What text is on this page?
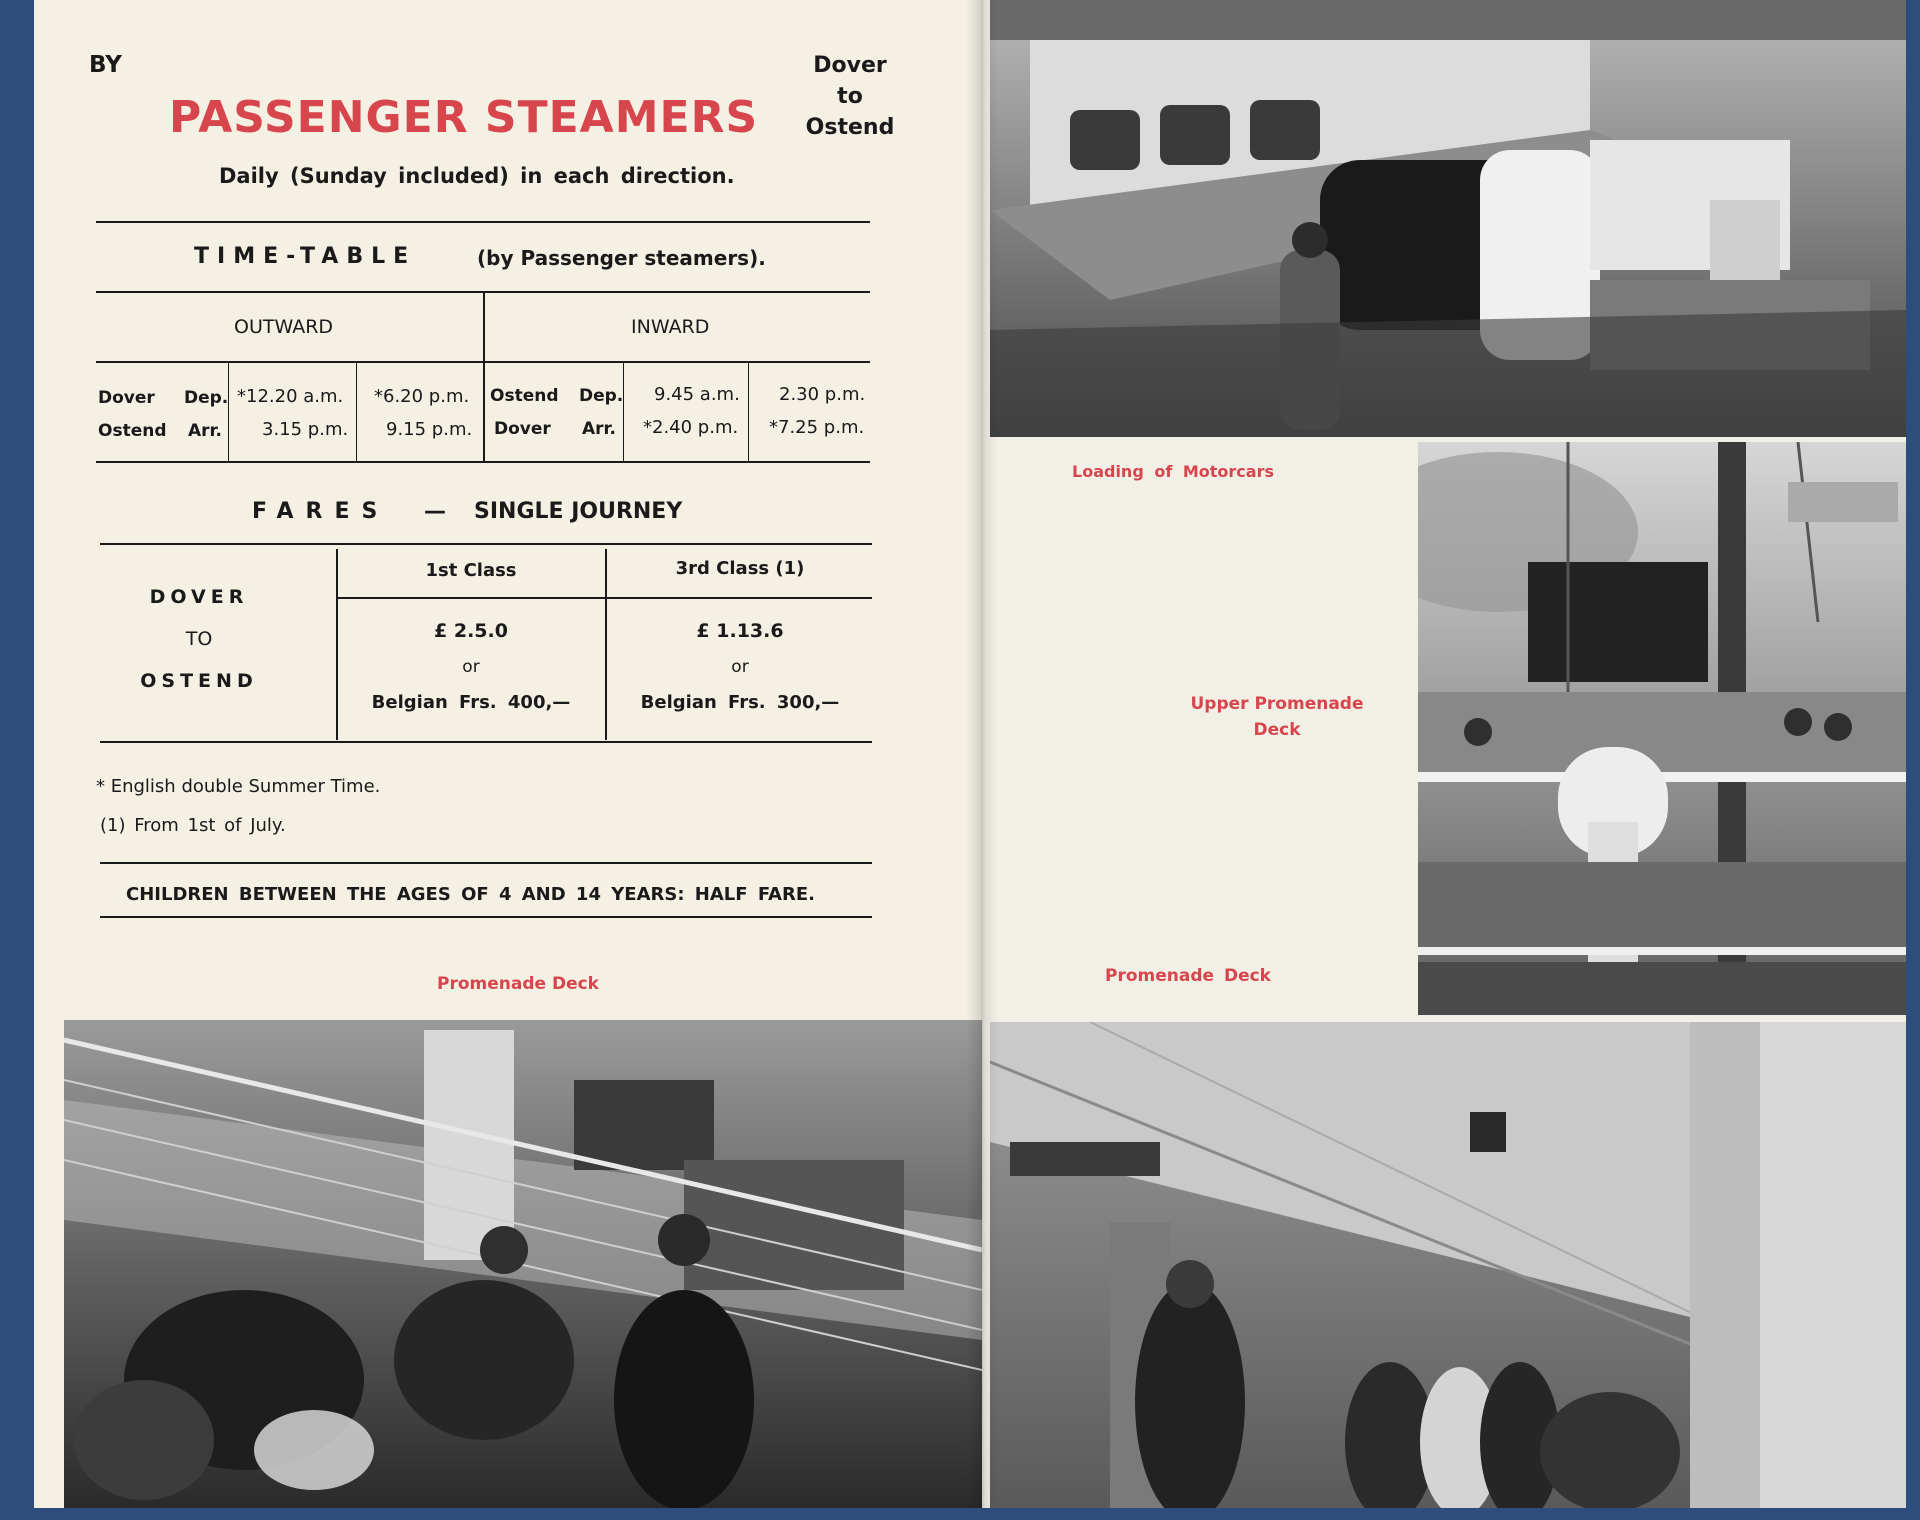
BY
PASSENGER STEAMERS
Dover
to
Ostend
Daily (Sunday included) in each direction.
TIME-TABLE	(by Passenger steamers).
OUTWARD	INWARD
Dover Dep. *12.20 a.m. *6.20 p.m.
Ostend Arr. 3.15 p.m. 9.15 p.m.
Ostend Dep. 9.45 a.m. 2.30 p.m.
Dover Arr. *2.40 p.m. *7.25 p.m.
FARES — SINGLE JOURNEY
DOVER
TO
OSTEND
1st Class
£ 2.5.0
or
Belgian Frs. 400,—
3rd Class (1)
£ 1.13.6
or
Belgian Frs. 300,—
* English double Summer Time.
(1) From 1st of July.
CHILDREN BETWEEN THE AGES OF 4 AND 14 YEARS: HALF FARE.
Promenade Deck
Loading of Motorcars
Upper Promenade
Deck
Promenade Deck
